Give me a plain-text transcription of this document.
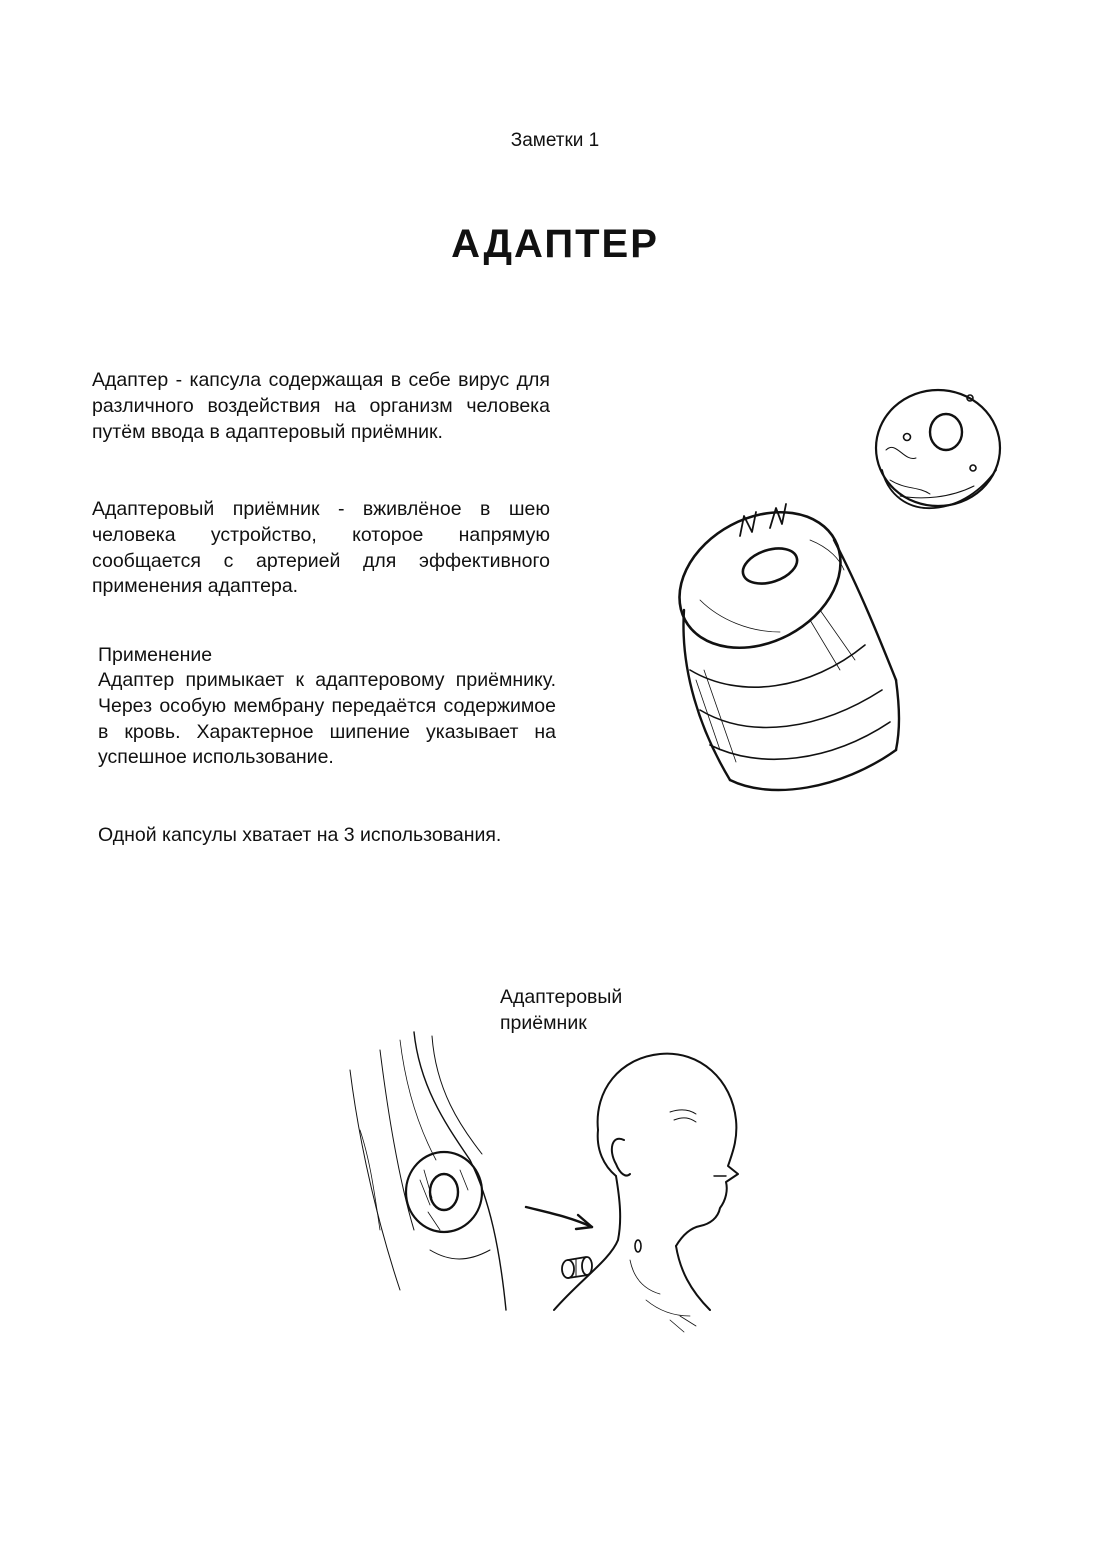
Заметки 1
АДАПТЕР

Адаптер - капсула содержащая в себе вирус для различного воздействия на организм человека путём ввода в адаптеровый приёмник.

Адаптеровый приёмник - вживлёное в шею человека устройство, которое напрямую сообщается с артерией для эффективного применения адаптера.

Применение

Адаптер примыкает к адаптеровому приёмнику. Через особую мембрану передаётся содержимое в кровь. Характерное шипение указывает на успешное использование.

Одной капсулы хватает на 3 использования.

Адаптеровый
приёмник
